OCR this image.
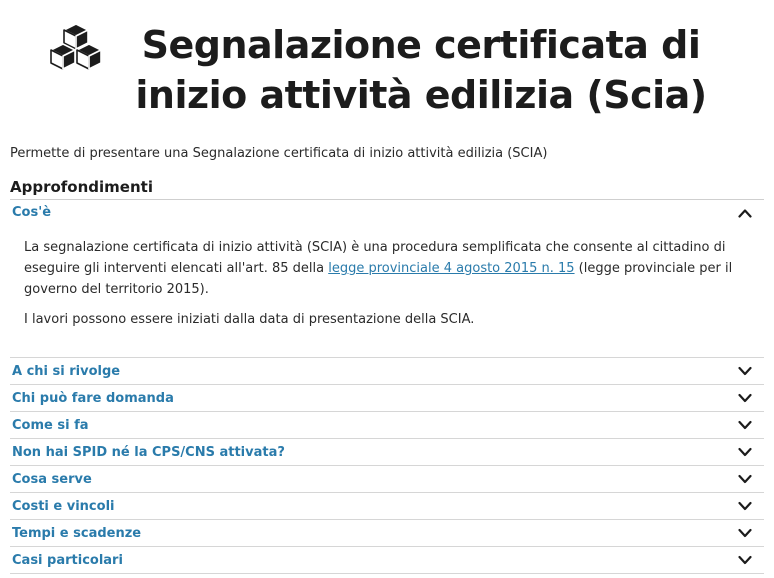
Segnalazione certificata di inizio attività edilizia (Scia)

Permette di presentare una Segnalazione certificata di inizio attività edilizia (SCIA)

Approfondimenti
Cos'è

La segnalazione certificata di inizio attività (SCIA) è una procedura semplificata che consente al cittadino di eseguire gli interventi elencati all'art. 85 della legge provinciale 4 agosto 2015 n. 15 (legge provinciale per il governo del territorio 2015).

I lavori possono essere iniziati dalla data di presentazione della SCIA.

A chi si rivolge
Chi può fare domanda
Come si fa
Non hai SPID né la CPS/CNS attivata?
Cosa serve
Costi e vincoli
Tempi e scadenze
Casi particolari
